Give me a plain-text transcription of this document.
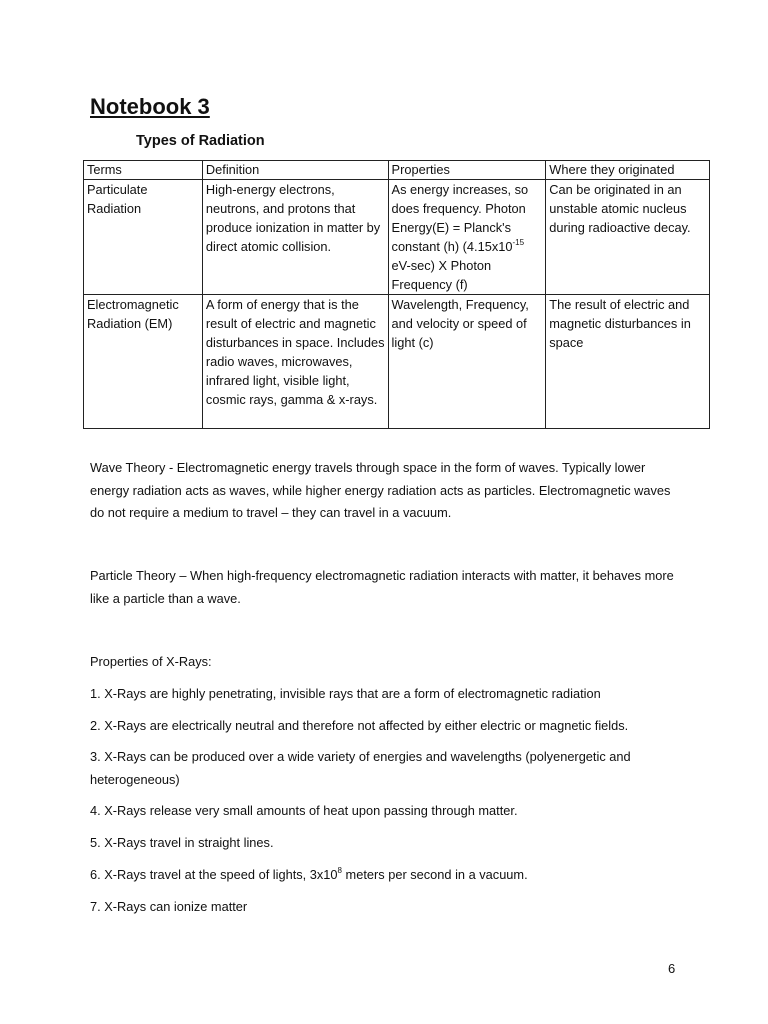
Notebook 3
Types of Radiation
Terms	Definition	Properties	Where they originated
Particulate Radiation	High-energy electrons, neutrons, and protons that produce ionization in matter by direct atomic collision.	As energy increases, so does frequency. Photon Energy(E) = Planck's constant (h) ($4.15x10^{-15}$ eV-sec) X Photon Frequency (f)	Can be originated in an unstable atomic nucleus during radioactive decay.
Electromagnetic Radiation (EM)	A form of energy that is the result of electric and magnetic disturbances in space. Includes radio waves, microwaves, infrared light, visible light, cosmic rays, gamma & x-rays.	Wavelength, Frequency, and velocity or speed of light (c)	The result of electric and magnetic disturbances in space

Wave Theory - Electromagnetic energy travels through space in the form of waves. Typically lower energy radiation acts as waves, while higher energy radiation acts as particles. Electromagnetic waves do not require a medium to travel – they can travel in a vacuum.

Particle Theory – When high-frequency electromagnetic radiation interacts with matter, it behaves more like a particle than a wave.

Properties of X-Rays:

1. X-Rays are highly penetrating, invisible rays that are a form of electromagnetic radiation

2. X-Rays are electrically neutral and therefore not affected by either electric or magnetic fields.

3. X-Rays can be produced over a wide variety of energies and wavelengths (polyenergetic and heterogeneous)

4. X-Rays release very small amounts of heat upon passing through matter.

5. X-Rays travel in straight lines.

6. X-Rays travel at the speed of lights, $3x10^8$ meters per second in a vacuum.

7. X-Rays can ionize matter

6
